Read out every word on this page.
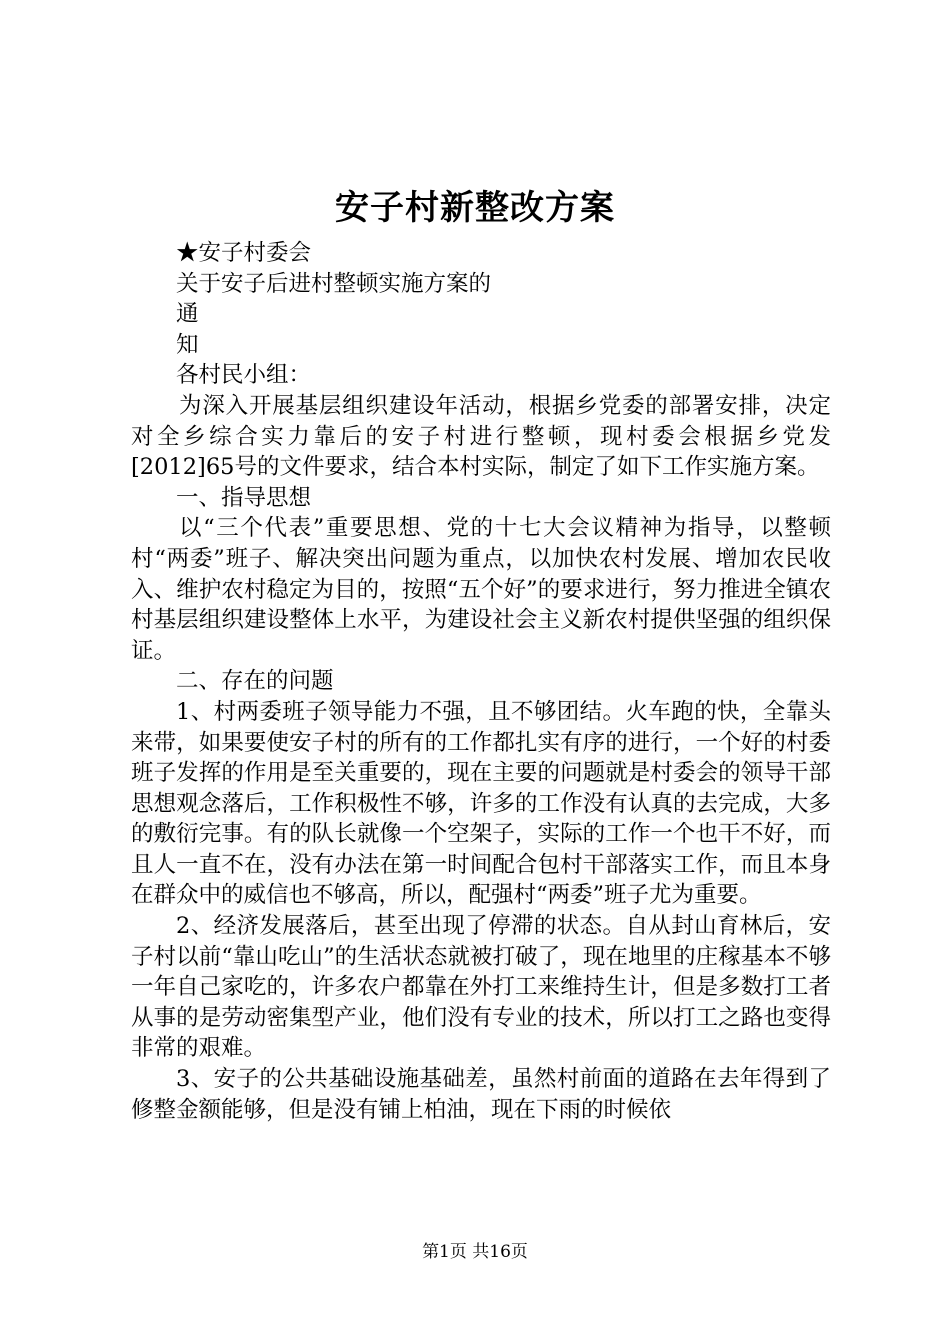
安子村新整改方案

★安子村委会

关于安子后进村整顿实施方案的

通

知

各村民小组：

为深入开展基层组织建设年活动，根据乡党委的部署安排，决定对全乡综合实力靠后的安子村进行整顿，现村委会根据乡党发[2012]65号的文件要求，结合本村实际，制定了如下工作实施方案。

一、指导思想

以“三个代表”重要思想、党的十七大会议精神为指导，以整顿村“两委”班子、解决突出问题为重点，以加快农村发展、增加农民收入、维护农村稳定为目的，按照“五个好”的要求进行，努力推进全镇农村基层组织建设整体上水平，为建设社会主义新农村提供坚强的组织保证。

二、存在的问题

1、村两委班子领导能力不强，且不够团结。火车跑的快，全靠头来带，如果要使安子村的所有的工作都扎实有序的进行，一个好的村委班子发挥的作用是至关重要的，现在主要的问题就是村委会的领导干部思想观念落后，工作积极性不够，许多的工作没有认真的去完成，大多的敷衍完事。有的队长就像一个空架子，实际的工作一个也干不好，而且人一直不在，没有办法在第一时间配合包村干部落实工作，而且本身在群众中的威信也不够高，所以，配强村“两委”班子尤为重要。

2、经济发展落后，甚至出现了停滞的状态。自从封山育林后，安子村以前“靠山吃山”的生活状态就被打破了，现在地里的庄稼基本不够一年自己家吃的，许多农户都靠在外打工来维持生计，但是多数打工者从事的是劳动密集型产业，他们没有专业的技术，所以打工之路也变得非常的艰难。

3、安子的公共基础设施基础差，虽然村前面的道路在去年得到了修整金额能够，但是没有铺上柏油，现在下雨的时候依

第1页 共16页
